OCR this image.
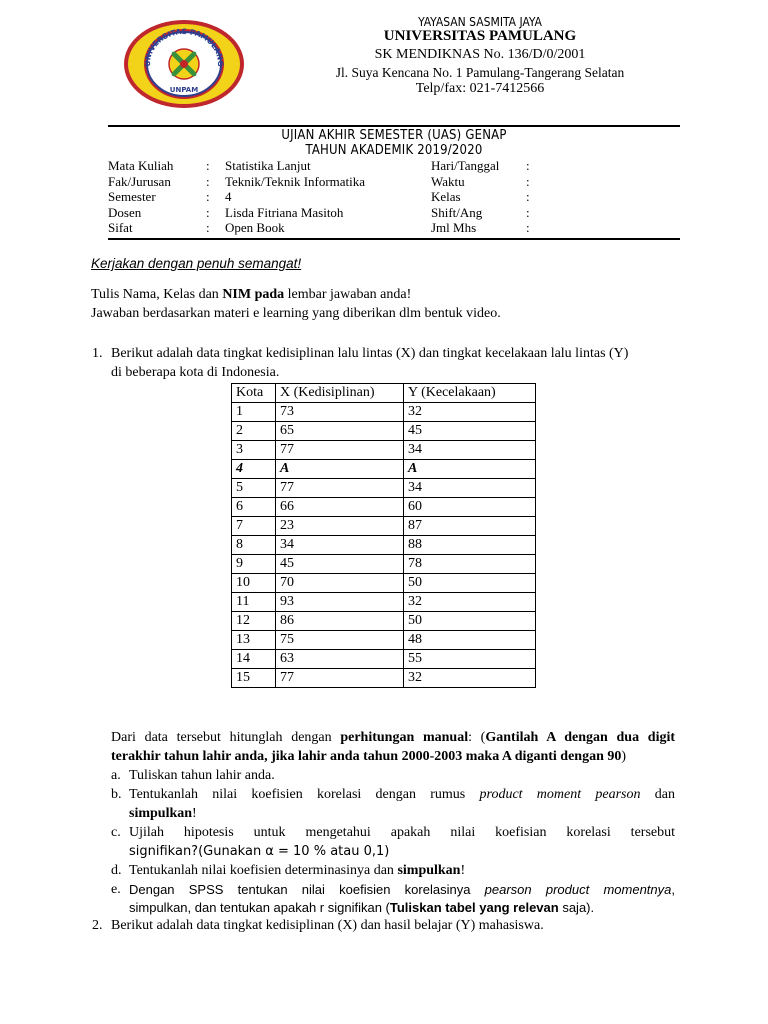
UNIVERSITAS PAMULANG
UNPAM
YAYASAN SASMITA JAYA
UNIVERSITAS PAMULANG
SK MENDIKNAS No. 136/D/0/2001
Jl. Suya Kencana No. 1 Pamulang-Tangerang Selatan
Telp/fax: 021-7412566
UJIAN AKHIR SEMESTER (UAS) GENAP
TAHUN AKADEMIK 2019/2020
Mata Kuliah	: Statistika Lanjut	Hari/Tanggal :
Fak/Jurusan	: Teknik/Teknik Informatika	Waktu	:
Semester	: 4	Kelas	:
Dosen	: Lisda Fitriana Masitoh	Shift/Ang	:
Sifat	: Open Book	Jml Mhs	:
Kerjakan dengan penuh semangat!
Tulis Nama, Kelas dan NIM pada lembar jawaban anda!
Jawaban berdasarkan materi e learning yang diberikan dlm bentuk video.
1. Berikut adalah data tingkat kedisiplinan lalu lintas (X) dan tingkat kecelakaan lalu lintas (Y)
di beberapa kota di Indonesia.
Kota	X (Kedisiplinan)	Y (Kecelakaan)
1	73	32
2	65	45
3	77	34
4	A	A
5	77	34
6	66	60
7	23	87
8	34	88
9	45	78
10	70	50
11	93	32
12	86	50
13	75	48
14	63	55
15	77	32
Dari data tersebut hitunglah dengan perhitungan manual: (Gantilah A dengan dua digit
terakhir tahun lahir anda, jika lahir anda tahun 2000-2003 maka A diganti dengan 90)
a. Tuliskan tahun lahir anda.
b. Tentukanlah nilai koefisien korelasi dengan rumus product moment pearson dan
simpulkan!
c. Ujilah hipotesis untuk mengetahui apakah nilai koefisian korelasi tersebut
signifikan?(Gunakan α = 10 % atau 0,1)
d. Tentukanlah nilai koefisien determinasinya dan simpulkan!
e. Dengan SPSS tentukan nilai koefisien korelasinya pearson product momentnya,
simpulkan, dan tentukan apakah r signifikan (Tuliskan tabel yang relevan saja).
2. Berikut adalah data tingkat kedisiplinan (X) dan hasil belajar (Y) mahasiswa.
